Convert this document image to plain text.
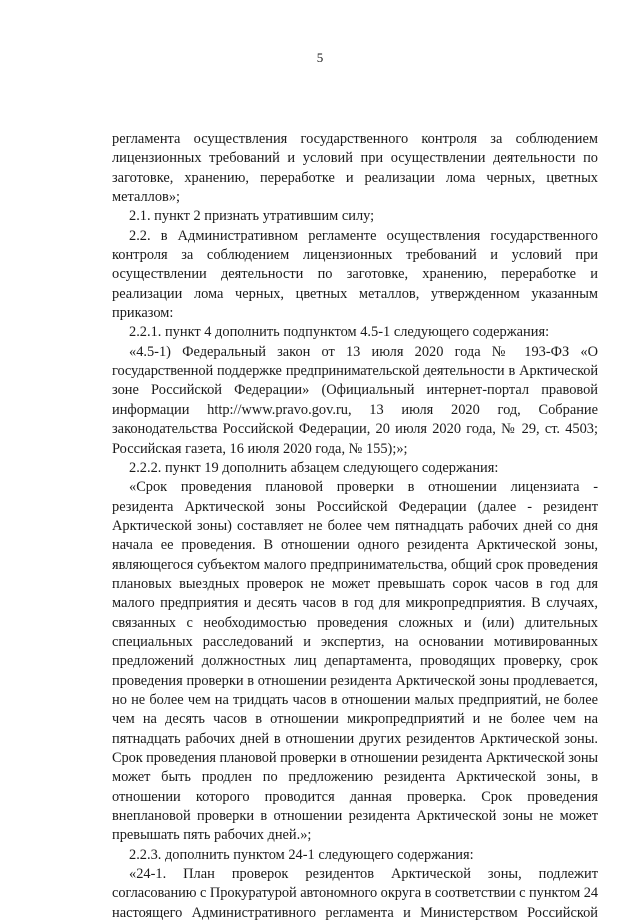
5
регламента осуществления государственного контроля за соблюдением
лицензионных требований и условий при осуществлении деятельности по
заготовке, хранению, переработке и реализации лома черных, цветных
металлов»;
2.1. пункт 2 признать утратившим силу;
2.2. в Административном регламенте осуществления государственного
контроля за соблюдением лицензионных требований и условий при
осуществлении деятельности по заготовке, хранению, переработке и
реализации лома черных, цветных металлов, утвержденном указанным
приказом:
2.2.1. пункт 4 дополнить подпунктом 4.5-1 следующего содержания:
«4.5-1) Федеральный закон от 13 июля 2020 года № 193-ФЗ «О
государственной поддержке предпринимательской деятельности в Арктической
зоне Российской Федерации» (Официальный интернет-портал правовой
информации http://www.pravo.gov.ru, 13 июля 2020 год, Собрание
законодательства Российской Федерации, 20 июля 2020 года, № 29, ст. 4503;
Российская газета, 16 июля 2020 года, № 155);»;
2.2.2. пункт 19 дополнить абзацем следующего содержания:
«Срок проведения плановой проверки в отношении лицензиата -
резидента Арктической зоны Российской Федерации (далее - резидент
Арктической зоны) составляет не более чем пятнадцать рабочих дней со дня
начала ее проведения. В отношении одного резидента Арктической зоны,
являющегося субъектом малого предпринимательства, общий срок проведения
плановых выездных проверок не может превышать сорок часов в год для
малого предприятия и десять часов в год для микропредприятия. В случаях,
связанных с необходимостью проведения сложных и (или) длительных
специальных расследований и экспертиз, на основании мотивированных
предложений должностных лиц департамента, проводящих проверку, срок
проведения проверки в отношении резидента Арктической зоны продлевается,
но не более чем на тридцать часов в отношении малых предприятий, не более
чем на десять часов в отношении микропредприятий и не более чем на
пятнадцать рабочих дней в отношении других резидентов Арктической зоны.
Срок проведения плановой проверки в отношении резидента Арктической зоны
может быть продлен по предложению резидента Арктической зоны, в
отношении которого проводится данная проверка. Срок проведения
внеплановой проверки в отношении резидента Арктической зоны не может
превышать пять рабочих дней.»;
2.2.3. дополнить пунктом 24-1 следующего содержания:
«24-1. План проверок резидентов Арктической зоны, подлежит
согласованию с Прокуратурой автономного округа в соответствии с пунктом 24
настоящего Административного регламента и Министерством Российской
